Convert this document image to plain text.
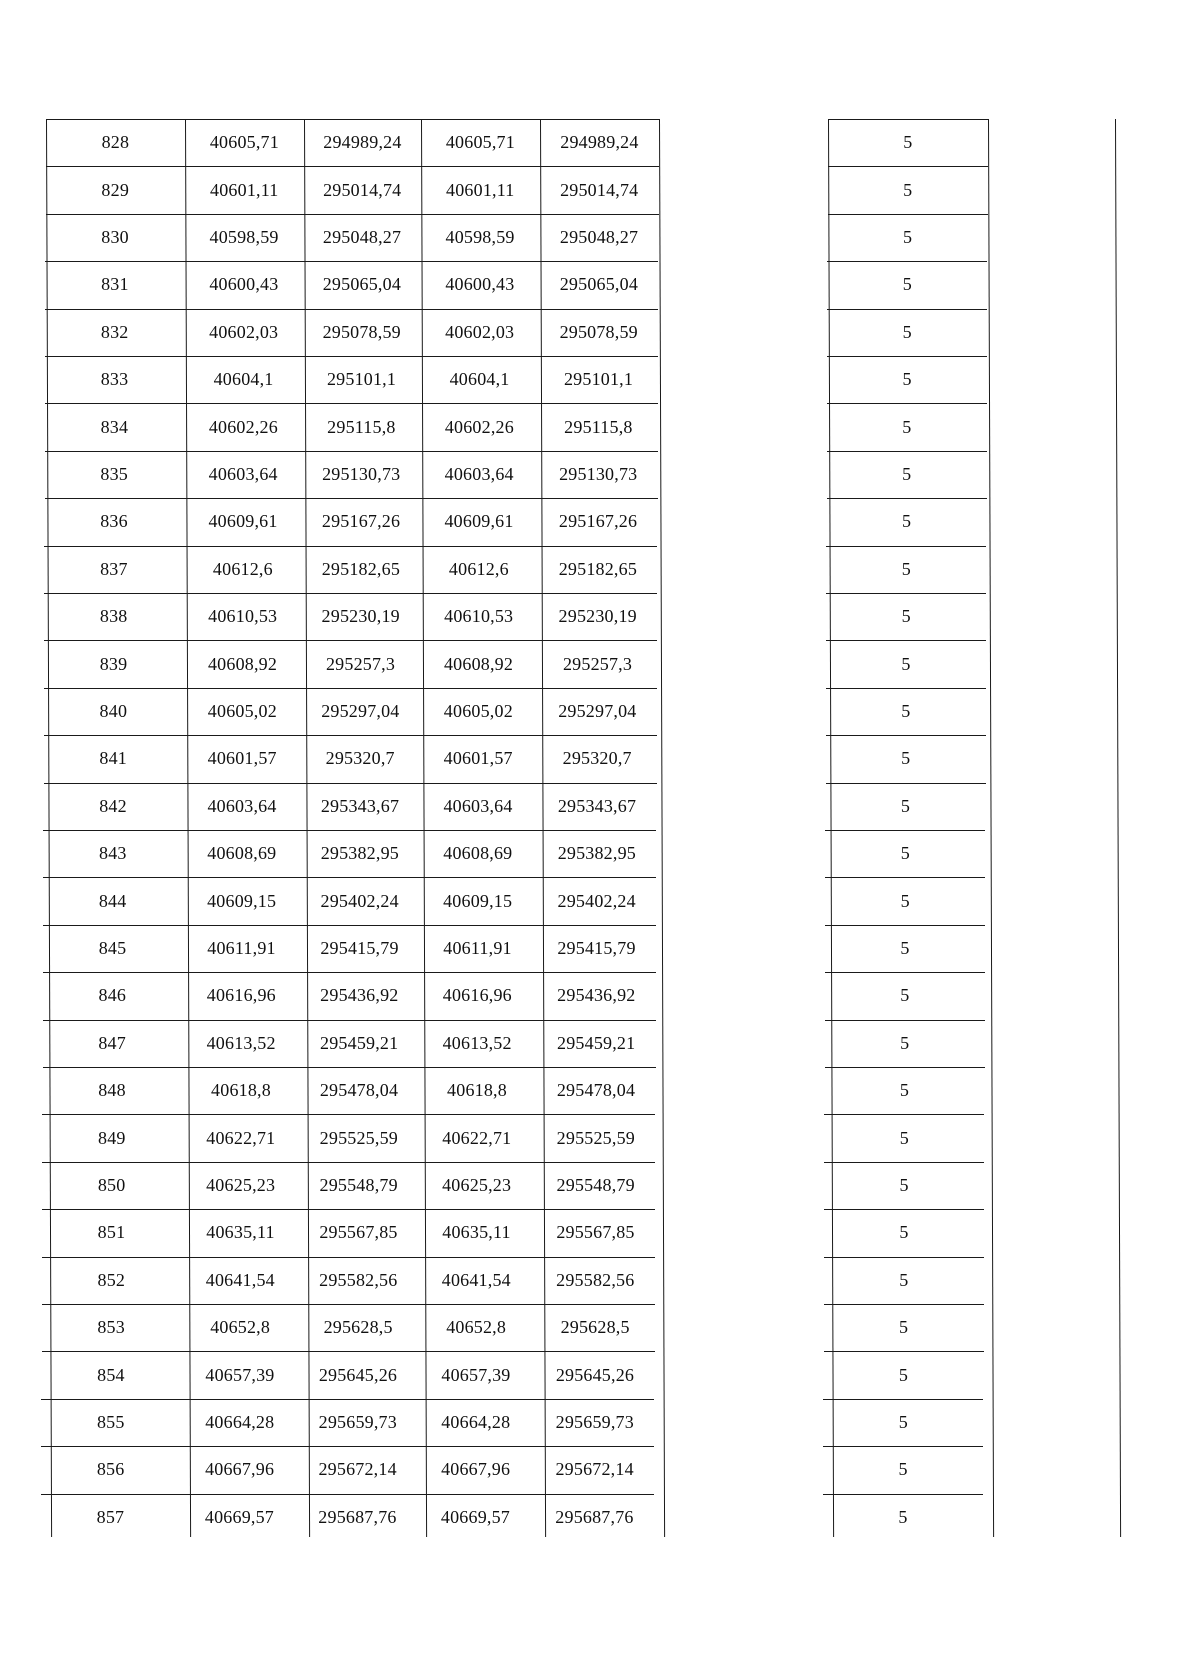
828	40605,71	294989,24	40605,71	294989,24	5
829	40601,11	295014,74	40601,11	295014,74	5
830	40598,59	295048,27	40598,59	295048,27	5
831	40600,43	295065,04	40600,43	295065,04	5
832	40602,03	295078,59	40602,03	295078,59	5
833	40604,1	295101,1	40604,1	295101,1	5
834	40602,26	295115,8	40602,26	295115,8	5
835	40603,64	295130,73	40603,64	295130,73	5
836	40609,61	295167,26	40609,61	295167,26	5
837	40612,6	295182,65	40612,6	295182,65	5
838	40610,53	295230,19	40610,53	295230,19	5
839	40608,92	295257,3	40608,92	295257,3	5
840	40605,02	295297,04	40605,02	295297,04	5
841	40601,57	295320,7	40601,57	295320,7	5
842	40603,64	295343,67	40603,64	295343,67	5
843	40608,69	295382,95	40608,69	295382,95	5
844	40609,15	295402,24	40609,15	295402,24	5
845	40611,91	295415,79	40611,91	295415,79	5
846	40616,96	295436,92	40616,96	295436,92	5
847	40613,52	295459,21	40613,52	295459,21	5
848	40618,8	295478,04	40618,8	295478,04	5
849	40622,71	295525,59	40622,71	295525,59	5
850	40625,23	295548,79	40625,23	295548,79	5
851	40635,11	295567,85	40635,11	295567,85	5
852	40641,54	295582,56	40641,54	295582,56	5
853	40652,8	295628,5	40652,8	295628,5	5
854	40657,39	295645,26	40657,39	295645,26	5
855	40664,28	295659,73	40664,28	295659,73	5
856	40667,96	295672,14	40667,96	295672,14	5
857	40669,57	295687,76	40669,57	295687,76	5
